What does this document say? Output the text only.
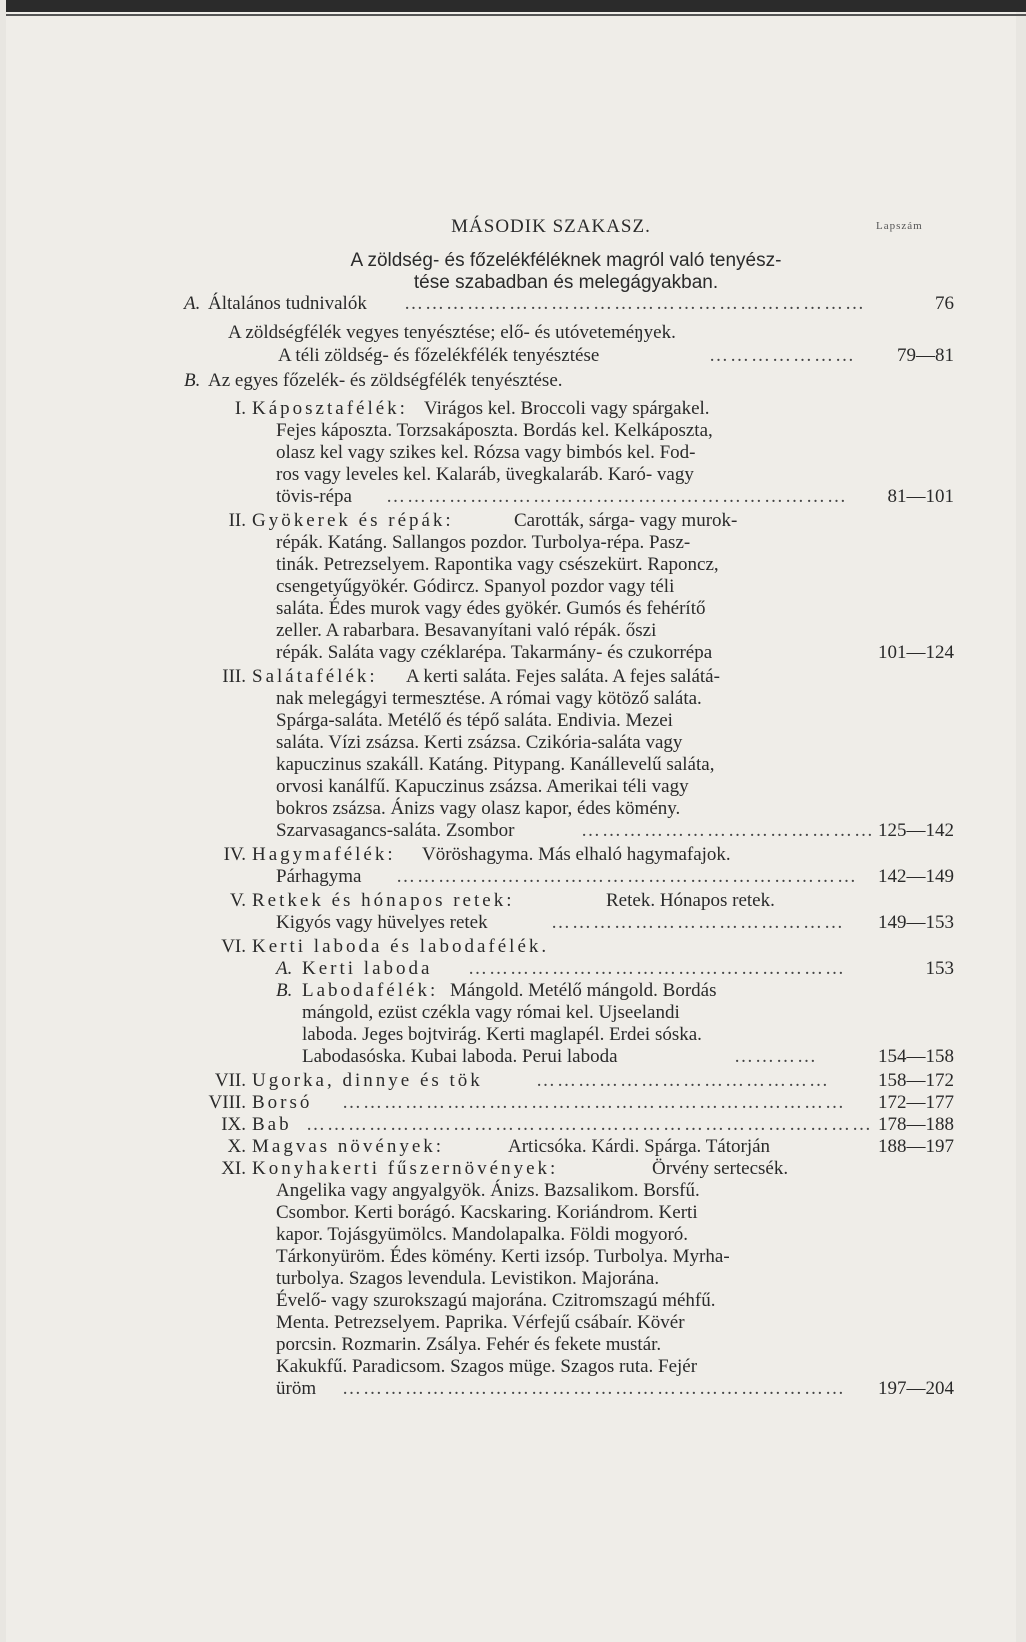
MÁSODIK SZAKASZ.	Lapszám
A zöldség- és főzelékféléknek magról való tenyész-
tése szabadban és melegágyakban.
A. Általános tudnivalók …………………………………………………………	76
A zöldségfélék vegyes tenyésztése; elő- és utóveteméŋyek.
A téli zöldség- és főzelékfélék tenyésztése	………………… 79—81
B. Az egyes főzelék- és zöldségfélék tenyésztése.
I. Káposztafélék: Virágos kel. Broccoli vagy spárgakel.
Fejes káposzta. Torzsakáposzta. Bordás kel. Kelkáposzta,
olasz kel vagy szikes kel. Rózsa vagy bimbós kel. Fod-
ros vagy leveles kel. Kalaráb, üvegkalaráb. Karó- vagy
tövis-répa ………………………………………………………… 81—101
II. Gyökerek és répák:	Carották, sárga- vagy murok-
répák. Katáng. Sallangos pozdor. Turbolya-répa. Pasz-
tinák. Petrezselyem. Rapontika vagy csészekürt. Raponcz,
csengetyűgyökér. Gódircz. Spanyol pozdor vagy téli
saláta. Édes murok vagy édes gyökér. Gumós és fehérítő
zeller. A rabarbara. Besavanyítani való répák. őszi
répák. Saláta vagy czéklarépa. Takarmány- és czukorrépa	101—124
III. Salátafélék: A kerti saláta. Fejes saláta. A fejes salátá-
nak melegágyi termesztése. A római vagy kötöző saláta.
Spárga-saláta. Metélő és tépő saláta. Endivia. Mezei
saláta. Vízi zsázsa. Kerti zsázsa. Czikória-saláta vagy
kapuczinus szakáll. Katáng. Pitypang. Kanállevelű saláta,
orvosi kanálfű. Kapuczinus zsázsa. Amerikai téli vagy
bokros zsázsa. Ánizs vagy olasz kapor, édes kömény.
Szarvasagancs-saláta. Zsombor	…………………………………… 125—142
IV. Hagymafélék: Vöröshagyma. Más elhaló hagymafajok.
Párhagyma ………………………………………………………… 142—149
V. Retkek és hónapos retek:	Retek. Hónapos retek.
Kigyós vagy hüvelyes retek	…………………………………… 149—153
VI. Kerti laboda és labodafélék.
A. Kerti laboda ………………………………………………	153
B. Labodafélék: Mángold. Metélő mángold. Bordás
mángold, ezüst czékla vagy római kel. Ujseelandi
laboda. Jeges bojtvirág. Kerti maglapél. Erdei sóska.
Labodasóska. Kubai laboda. Perui laboda	…………	154—158
VII. Ugorka, dinnye és tök	……………………………………	158—172
VIII. Borsó ……………………………………………………………… 172—177
IX. Bab ……………………………………………………………………… 178—188
X. Magvas növények:	Articsóka. Kárdi. Spárga. Tátorján	188—197
XI. Konyhakerti fűszernövények:	Örvény sertecsék.
Angelika vagy angyalgyök. Ánizs. Bazsalikom. Borsfű.
Csombor. Kerti borágó. Kacskaring. Koriándrom. Kerti
kapor. Tojásgyümölcs. Mandolapalka. Földi mogyoró.
Tárkonyüröm. Édes kömény. Kerti izsóp. Turbolya. Myrha-
turbolya. Szagos levendula. Levistikon. Majorána.
Évelő- vagy szurokszagú majorána. Czitromszagú méhfű.
Menta. Petrezselyem. Paprika. Vérfejű csábaír. Kövér
porcsin. Rozmarin. Zsálya. Fehér és fekete mustár.
Kakukfű. Paradicsom. Szagos müge. Szagos ruta. Fejér
üröm ……………………………………………………………… 197—204
